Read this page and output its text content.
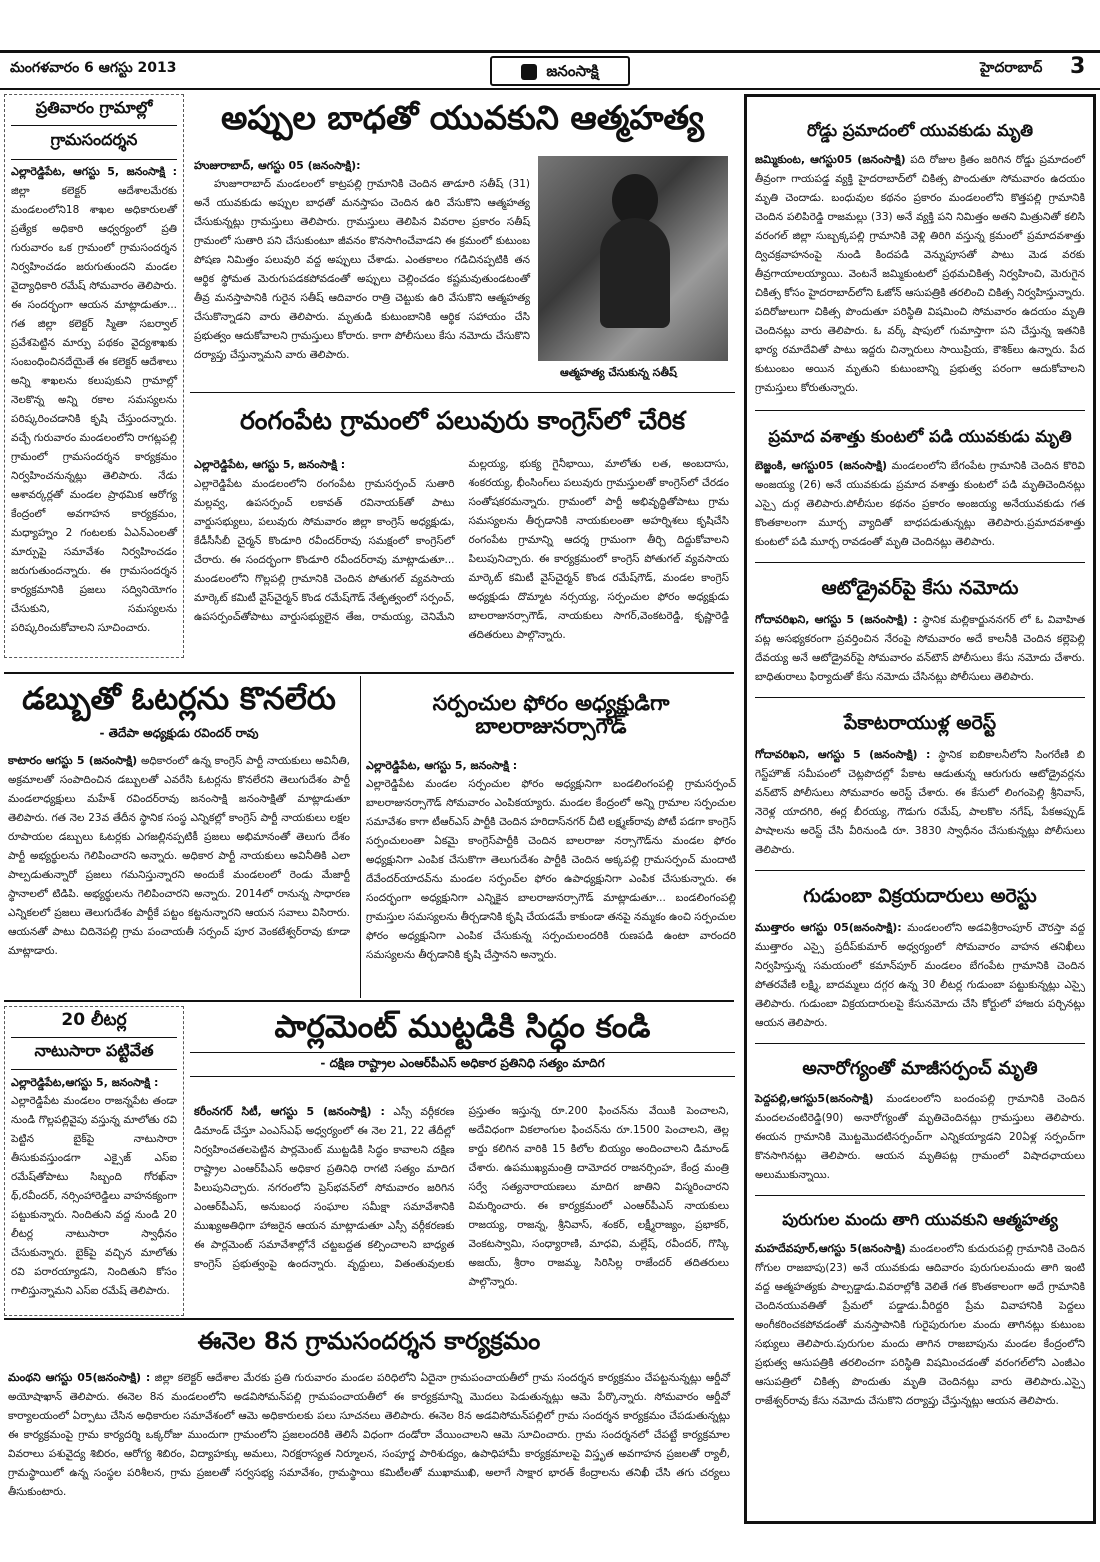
మంగళవారం 6 ఆగస్టు 2013	జనంసాక్షి	హైదరాబాద్ 3
ప్రతివారం గ్రామాల్లో
గ్రామసందర్శన
ఎల్లారెడ్డిపేట, ఆగస్టు 5, జనంసాక్షి : జిల్లా కలెక్టర్ ఆదేశాలమేరకు మండలంలోని18 శాఖల అధికారులతో ప్రత్యేక అధికారి ఆధ్వర్యంలో ప్రతి గురువారం ఒక గ్రామంలో గ్రామసందర్శన నిర్వహించడం జరుగుతుందని మండల వైద్యాధికారి రమేష్ సోమవారం తెలిపారు. ఈ సందర్భంగా ఆయన మాట్లాడుతూ... గత జిల్లా కలెక్టర్ స్మితా సబర్వాల్ ప్రవేశపెట్టిన మార్పు పథకం వైద్యశాఖకు సంబంధించినదేయైతే ఈ కలెక్టర్ ఆదేశాలు అన్ని శాఖలను కలుపుకుని గ్రామాల్లో నెలకొన్న అన్ని రకాల సమస్యలను పరిష్కరించడానికి కృషి చేస్తుందన్నారు. వచ్చే గురువారం మండలంలోని రాగట్లపల్లి గ్రామంలో గ్రామసందర్శన కార్యక్రమం నిర్వహించనున్నట్లు తెలిపారు. నేడు ఆశావర్కర్లతో మండల ప్రాథమిక ఆరోగ్య కేంద్రంలో అవగాహన కార్యక్రమం, మధ్యాహ్నం 2 గంటలకు ఏఎన్ఎంలతో మార్పుపై సమావేశం నిర్వహించడం జరుగుతుందన్నారు. ఈ గ్రామసందర్శన కార్యక్రమానికి ప్రజలు సద్వినియోగం చేసుకుని, సమస్యలను పరిష్కరించుకోవాలని సూచించారు.
అప్పుల బాధతో యువకుని ఆత్మహత్య
ఆత్మహత్య చేసుకున్న సతీష్
హుజురాబాద్, ఆగస్టు 05 (జనంసాక్షి):
హుజూరాబాద్ మండలంలో కాట్రపల్లి గ్రామానికి చెందిన తాడూరి సతీష్ (31) అనే యువకుడు అప్పుల బాధతో మనస్తాపం చెందిన ఉరి వేసుకొని ఆత్మహత్య చేసుకున్నట్లు గ్రామస్తులు తెలిపారు. గ్రామస్తులు తెలిపిన వివరాల ప్రకారం సతీష్ గ్రామంలో సుతారి పని చేసుకుంటూ జీవనం కొనసాగించేవాడని ఈ క్రమంలో కుటుంబ పోషణ నిమిత్తం పలువురి వద్ద అప్పులు చేశాడు. ఎంతకాలం గడిచినప్పటికి తన ఆర్థిక స్థోమత మెరుగుపడకపోవడంతో అప్పులు చెల్లించడం కష్టమవుతుండటంతో తీవ్ర మనస్తాపానికి గురైన సతీష్ ఆదివారం రాత్రి చెట్టుకు ఉరి వేసుకొని ఆత్మహత్య చేసుకొన్నాడని వారు తెలిపారు. మృతుడి కుటుంబానికి ఆర్థిక సహాయం చేసి ప్రభుత్వం ఆదుకోవాలని గ్రామస్తులు కోరారు. కాగా పోలీసులు కేసు నమోదు చేసుకొని దర్యాప్తు చేస్తున్నామని వారు తెలిపారు.
రంగంపేట గ్రామంలో పలువురు కాంగ్రెస్‌లో చేరిక
ఎల్లారెడ్డిపేట, ఆగస్టు 5, జనంసాక్షి :
ఎల్లారెడ్డిపేట మండలంలోని రంగంపేట గ్రామసర్పంచ్ సుతారి మల్లవ్వ, ఉపసర్పంచ్ లకావత్ రవినాయక్‌తో పాటు వార్డుసభ్యులు, పలువురు సోమవారం జిల్లా కాంగ్రెస్ అధ్యక్షుడు, కేడీసీసీబీ చైర్మన్ కొండూరి రవీందర్‌రావు సమక్షంలో కాంగ్రెస్‌లో చేరారు. ఈ సందర్భంగా కొండూరి రవీందర్‌రావు మాట్లాడుతూ... మండలంలోని గొల్లపల్లి గ్రామానికి చెందిన పోతుగల్ వ్యవసాయ మార్కెట్ కమిటీ వైస్‌చైర్మన్ కొండ రమేష్‌గౌడ్ నేతృత్వంలో సర్పంచ్, ఉపసర్పంచ్‌తోపాటు వార్డుసభ్యులైన తేజ, రామయ్య, చెనిమేని మల్లయ్య, భుక్య గైనీభాయి, మాలోతు లత, అంబదాసు, శంకరయ్య, భీంసింగ్‌లు పలువురు గ్రామస్తులతో కాంగ్రెస్‌లో చేరడం సంతోషకరమన్నారు. గ్రామంలో పార్టీ అభివృద్ధితోపాటు గ్రామ సమస్యలను తీర్చడానికి నాయకులంతా అహర్నిశలు కృషిచేసి రంగంపేట గ్రామాన్ని ఆదర్శ గ్రామంగా తీర్చి దిద్దుకోవాలని పిలుపునిచ్చారు. ఈ కార్యక్రమంలో కాంగ్రెస్ పోతుగల్ వ్యవసాయ మార్కెట్ కమిటీ వైస్‌చైర్మన్ కొండ రమేష్‌గౌడ్, మండల కాంగ్రెస్ అధ్యక్షుడు దొమ్మాట నర్సయ్య, సర్పంచుల ఫోరం అధ్యక్షుడు బాలరాజునర్సాగౌడ్, నాయకులు సాగర్,వెంకటరెడ్డి, కృష్ణారెడ్డి తదితరులు పాల్గొన్నారు.
డబ్బుతో ఓటర్లను కొనలేరు
- తెదేపా అధ్యక్షుడు రవిందర్ రావు
కాటారం ఆగస్టు 5 (జనంసాక్షి) అధికారంలో ఉన్న కాంగ్రెస్ పార్టీ నాయకులు అవినీతి, అక్రమాలతో సంపాదించిన డబ్బులతో ఎవరేసి ఓటర్లను కొనలేరని తెలుగుదేశం పార్టీ మండలాధ్యక్షులు మహేశ్ రవిందర్‌రావు జనంసాక్షి జనంసాక్షితో మాట్లాడుతూ తెలిపారు. గత నెల 23వ తేదీన స్థానిక సంస్థ ఎన్నికల్లో కాంగ్రెస్ పార్టీ నాయకులు లక్షల రూపాయల డబ్బులు ఓటర్లకు ఎగజల్లినప్పటికీ ప్రజలు అభిమానంతో తెలుగు దేశం పార్టీ అభ్యర్థులను గెలిపించారని అన్నారు. అధికార పార్టీ నాయకులు అవినీతికి ఎలా పాల్పడుతున్నారో ప్రజలు గమనిస్తున్నారని అందుకే మండలంలో రెండు మేజార్టీ స్థానాలలో టిడిపి. అభ్యర్థులను గెలిపించారని అన్నారు. 2014లో రానున్న సాధారణ ఎన్నికలలో ప్రజలు తెలుగుదేశం పార్టీకే పట్టం కట్టనున్నారని ఆయన సవాలు విసిరారు. ఆయనతో పాటు చిదినెపల్లి గ్రామ పంచాయతీ సర్పంచ్ పూర వెంకటేశ్వర్‌రావు కూడా మాట్లాడారు.
సర్పంచుల ఫోరం అధ్యక్షుడిగా బాలరాజునర్సాగౌడ్
ఎల్లారెడ్డిపేట, ఆగస్టు 5, జనంసాక్షి :
ఎల్లారెడ్డిపేట మండల సర్పంచుల ఫోరం అధ్యక్షునిగా బండలింగంపల్లి గ్రామసర్పంచ్ బాలరాజునర్సాగౌడ్ సోమవారం ఎంపికయ్యారు. మండల కేంద్రంలో అన్ని గ్రామాల సర్పంచుల సమావేశం కాగా టీఆర్‌ఎస్ పార్టీకి చెందిన హరిదాస్‌నగర్ చీటి లక్ష్మణ్‌రావు పోటీ పడగా కాంగ్రెస్ సర్పంచులంతా ఏకమై కాంగ్రెస్‌పార్టీకి చెందిన బాలరాజు నర్సాగౌడ్‌ను మండల ఫోరం అధ్యక్షునిగా ఎంపిక చేసుకొగా తెలుగుదేశం పార్టీకి చెందిన అక్కపల్లి గ్రామసర్పంచ్ మందాటి దేవేందర్‌యాదవ్‌ను మండల సర్పంచ్‌ల ఫోరం ఉపాధ్యక్షునిగా ఎంపిక చేసుకున్నారు. ఈ సందర్భంగా అధ్యక్షునిగా ఎన్నికైన బాలరాజునర్సాగౌడ్ మాట్లాడుతూ... బండలింగంపల్లి గ్రామస్తుల సమస్యలను తీర్చడానికి కృషి చేయడమే కాకుండా తనపై నమ్మకం ఉంచి సర్పంచుల ఫోరం అధ్యక్షునిగా ఎంపిక చేసుకున్న సర్పంచులందరికి రుణపడి ఉంటా వారందరి సమస్యలను తీర్చడానికి కృషి చేస్తానని అన్నారు.
20 లీటర్ల
నాటుసారా పట్టివేత
ఎల్లారెడ్డిపేట,ఆగస్టు 5, జనంసాక్షి :
ఎల్లారెడ్డిపేట మండలం రాజన్నపేట తండా నుండి గొల్లపల్లివైపు వస్తున్న మాలోతు రవి పెట్టిన బైక్‌పై నాటుసారా తీసుకువస్తుండగా ఎక్సైజ్ ఎస్‌ఐ రమేష్‌తోపాటు సిబ్బంది గోరఖ్‌నా థ్,రవీందర్, నర్సింహారెడ్డిలు వాహనక్యంగా పట్టుకున్నారు. నిందితుని వద్ద నుండి 20 లీటర్ల నాటుసారా స్వాధీనం చేసుకున్నారు. బైక్‌పై వచ్చిన మాలోతు రవి పరారయ్యాడని, నిందితుని కోసం గాలిస్తున్నామని ఎస్‌ఐ రమేష్ తెలిపారు.
పార్లమెంట్ ముట్టడికి సిద్ధం కండి
- దక్షిణ రాష్ట్రాల ఎంఆర్‌పీఎస్ అధికార ప్రతినిధి సత్యం మాదిగ
కరీంనగర్ సిటీ, ఆగస్టు 5 (జనంసాక్షి) : ఎస్సీ వర్గీకరణ డిమాండ్ చేస్తూ ఎంఎస్‌ఎఫ్ అధ్వర్యంలో ఈ నెల 21, 22 తేదీల్లో నిర్వహించతలపెట్టిన పార్లమెంట్ ముట్టడికి సిద్ధం కావాలని దక్షిణ రాష్ట్రాల ఎంఆర్‌పీఎస్ అధికార ప్రతినిధి రాగటి సత్యం మాదిగ పిలుపునిచ్చారు. నగరంలోని ప్రెస్‌భవన్‌లో సోమవారం జరిగిన ఎంఆర్‌పీఎస్, అనుబంధ సంఘాల సమీక్షా సమావేశానికి ముఖ్యఅతిధిగా హాజరైన ఆయన మాట్లాడుతూ ఎస్సీ వర్గీకరణకు ఈ పార్లమెంట్ సమావేశాల్లోనే చట్టబద్దత కల్పించాలని బాధ్యత కాంగ్రెస్ ప్రభుత్వంపై ఉందన్నారు. వృద్దులు, వితంతువులకు ప్రస్తుతం ఇస్తున్న రూ.200 ఫించన్‌ను వేయికి పెంచాలని, అదేవిధంగా వికలాంగుల ఫించన్‌ను రూ.1500 పెంచాలని, తెల్ల కార్డు కలిగిన వారికి 15 కిలోల బియ్యం అందించాలని డిమాండ్ చేశారు. ఉపముఖ్యమంత్రి దామోదర రాజనర్సింహ, కేంద్ర మంత్రి సర్వే సత్యనారాయణలు మాదిగ జాతిని విస్మరించారని విమర్శించారు. ఈ కార్యక్రమంలో ఎంఆర్‌పీఎస్ నాయకులు రాజయ్య, రాజన్న, శ్రీనివాస్, శంకర్, లక్ష్మీరాజ్యం, ప్రభాకర్, వెంకటస్వామి, సంధ్యారాణి, మాధవి, మల్లేష్, రవీందర్, గొస్కి అజయ్, శ్రీరాం రాజమ్మ, సిరిసిల్ల రాజేందర్ తదితరులు పాల్గొన్నారు.
ఈనెల 8న గ్రామసందర్శన కార్యక్రమం
మంథని ఆగస్టు 05(జనంసాక్షి) : జిల్లా కలెక్టర్ ఆదేశాల మేరకు ప్రతి గురువారం మండల పరిధిలోని ఏదైనా గ్రామపంచాయతీలో గ్రామ సందర్శన కార్యక్రమం చేపట్టనున్నట్లు ఆర్డీవో అయోషాఖాన్ తెలిపారు. ఈనెల 8న మండలంలోని అడవిసోమన్‌పల్లి గ్రామపంచాయతీలో ఈ కార్యక్రమాన్ని మొదలు పెడుతున్నట్లు ఆమె పేర్కొన్నారు. సోమవారం ఆర్డీవో కార్యాలయంలో ఏర్పాటు చేసిన అధికారుల సమావేశంలో ఆమె అధికారులకు పలు సూచనలు తెలిపారు. ఈనెల 8న అడవిసోమన్‌పల్లిలో గ్రామ సందర్శన కార్యక్రమం చేపడుతున్నట్లు ఈ కార్యక్రమంపై గ్రామ కార్యదర్శి ఒక్కరోజు ముందుగా గ్రామంలోని ప్రజలందరికి తెలిసే విధంగా దండోరా వేయించాలని ఆమె సూచించారు. గ్రామ సందర్శనలో చేపట్టే కార్యక్రమాల వివరాలు పశువైద్య శిబిరం, ఆరోగ్య శిబిరం, విద్యాహక్కు అమలు, నిరక్షరాస్యత నిర్మూలన, సంపూర్ణ పారిశుద్యం, ఉపాధిహామీ కార్యక్రమాలపై విస్తృత అవగాహన ప్రజలతో ర్యాలీ, గ్రామస్థాయిలో ఉన్న సంస్థల పరిశీలన, గ్రామ ప్రజలతో సర్వసభ్య సమావేశం, గ్రామస్థాయి కమిటీలతో ముఖాముఖి, అలాగే సాక్షార భారత్ కేంద్రాలను తనిఖీ చేసి తగు చర్యలు తీసుకుంటారు.
రోడ్డు ప్రమాదంలో యువకుడు మృతి
జమ్మికుంట, ఆగస్టు05 (జనంసాక్షి) పది రోజుల క్రితం జరిగిన రోడ్డు ప్రమాదంలో తీవ్రంగా గాయపడ్డ వ్యక్తి హైదరాబాద్‌లో చికిత్స పొందుతూ సోమవారం ఉదయం మృతి చెందాడు. బంధువుల కథనం ప్రకారం మండలంలోని కొత్తపల్లి గ్రామానికి చెందిన పలిపిరెడ్డి రాజమల్లు (33) అనే వ్యక్తి పని నిమిత్తం అతని మిత్రునితో కలిసి వరంగల్ జిల్లా సుబ్బక్కపల్లి గ్రామానికి వెళ్లి తిరిగి వస్తున్న క్రమంలో ప్రమాదవశాత్తు ద్విచక్రవాహనంపై నుండి కిందపడి వెన్నుపూసతో పాటు మెడ వరకు తీవ్రగాయాలయ్యాయి. వెంటనే జమ్మికుంటలో ప్రథమచికిత్స నిర్వహించి, మెరుగైన చికిత్స కోసం హైదరాబాద్‌లోని ఓజోన్ ఆసుపత్రికి తరలించి చికిత్స నిర్వహిస్తున్నారు. పదిరోజులుగా చికిత్స పొందుతూ పరిస్థితి విషమించి సోమవారం ఉదయం మృతి చెందినట్లు వారు తెలిపారు. ఓ వర్క్ షాపులో గుమాస్తాగా పని చేస్తున్న ఇతనికి భార్య రమాదేవితో పాటు ఇద్దరు చిన్నారులు సాయిప్రియ, కౌశిక్‌లు ఉన్నారు. పేద కుటుంబం అయిన మృతుని కుటుంబాన్ని ప్రభుత్వ పరంగా ఆదుకోవాలని గ్రామస్తులు కోరుతున్నారు.
ప్రమాద వశాత్తు కుంటలో పడి యువకుడు మృతి
బెజ్జంకి, ఆగస్టు05 (జనంసాక్షి) మండలంలోని బేగంపేట గ్రామానికి చెందిన కొరివి అంజయ్య (26) అనే యువకుడు ప్రమాద వశాత్తు కుంటలో పడి మృతిచెందినట్లు ఎస్సై దుర్గ తెలిపారు.పోలీసుల కథనం ప్రకారం అంజయ్య అనేయువకుడు గత కొంతకాలంగా మూర్చ వ్యాదితో బాధపడుతున్నట్లు తెలిపారు.ప్రమాదవశాత్తు కుంటలో పడి మూర్చ రావడంతో మృతి చెందినట్లు తెలిపారు.
ఆటోడ్రైవర్‌పై కేసు నమోదు
గోదావరిఖని, ఆగస్టు 5 (జనంసాక్షి) : స్థానిక మల్లికార్జుననగర్ లో ఓ వివాహిత పట్ల అసభ్యకరంగా ప్రవర్తించిన నేరంపై సోమవారం అదే కాలనీకి చెందిన కల్లెపెల్లి దేవయ్య అనే ఆటోడ్రైవర్‌పై సోమవారం వన్‌టౌన్ పోలీసులు కేసు నమోదు చేశారు. బాధితురాలు ఫిర్యాదుతో కేసు నమోదు చేసినట్లు పోలీసులు తెలిపారు.
పేకాటరాయుళ్ల అరెస్ట్
గోదావరిఖని, ఆగస్టు 5 (జనంసాక్షి) : స్థానిక ఐబికాలనీలోని సింగరేణి బి గెస్ట్‌హౌజ్ సమీపంలో చెట్లపొదల్లో పేకాట ఆడుతున్న ఆరుగురు ఆటోడ్రైవర్లను వన్‌టౌన్ పోలీసులు సోమవారం అరెస్ట్ చేశారు. ఈ కేసులో లింగంపెల్లి శ్రీనివాస్, నెరెళ్ల యాదగిరి, ఈర్ల బీరయ్య, గౌడుగు రమేష్, పాలకొల నగేష్, పేకఅప్పుడ్ పాషాలను అరెస్ట్ చేసి వీరినుండి రూ. 3830 స్వాధీనం చేసుకున్నట్లు పోలీసులు తెలిపారు.
గుడుంబా విక్రయదారులు అరెస్టు
ముత్తారం ఆగస్టు 05(జనంసాక్షి): మండలంలోని అడవిశ్రీరాంపూర్ చౌరస్తా వద్ద ముత్తారం ఎస్సై ప్రదీప్‌కుమార్ అధ్వర్యంలో సోమవారం వాహన తనిఖీలు నిర్వహిస్తున్న సమయంలో కమాన్‌పూర్ మండలం బేగంపేట గ్రామానికి చెందిన పోతరవేణి లక్ష్మి, బాదమ్మలు దగ్గర ఉన్న 30 లీటర్ల గుడుంబా పట్టుకున్నట్లు ఎస్సై తెలిపారు. గుడుంబా విక్రయదారులపై కేసునమోదు చేసి కోర్టులో హాజరు పర్చినట్లు ఆయన తెలిపారు.
అనారోగ్యంతో మాజీసర్పంచ్ మృతి
పెద్దపల్లి,ఆగస్టు5(జనంసాక్షి) మండలంలోని బందంపల్లి గ్రామానికి చెందిన మందలచంటిరెడ్డి(90) అనారోగ్యంతో మృతిచెందినట్లు గ్రామస్తులు తెలిపారు. ఈయన గ్రామానికి మొట్టమొదటిసర్పంచ్‌గా ఎన్నికయ్యాడని 20ఏళ్ల సర్పంచ్‌గా కొనసాగినట్లు తెలిపారు. ఆయన మృతిపట్ల గ్రామంలో విషాదఛాయలు అలుముకున్నాయి.
పురుగుల మందు తాగి యువకుని ఆత్మహత్య
మహదేవపూర్,ఆగస్టు 5(జనంసాక్షి) మండలంలోని కుదురుపల్లి గ్రామానికి చెందిన గోగుల రాజబాపు(23) అనే యువకుడు ఆదివారం పురుగులమందు తాగి ఇంటి వద్ద ఆత్మహత్యకు పాల్పడ్డాడు.వివరాల్లోకి వెలితే గత కొంతకాలంగా అదే గ్రామానికి చెందినయువతితో ప్రేమలో పడ్డాడు.వీరిద్దరి ప్రేమ వివాహానికి పెద్దలు అంగీకరించకపోవడంతో మనస్తాపానికి గురైపురుగుల మందు తాగినట్లు కుటుంబ సభ్యులు తెలిపారు.పురుగుల మందు తాగిన రాజబాపును మండల కేంద్రంలోని ప్రభుత్వ ఆసుపత్రికి తరలించగా పరిస్థితి విషమించడంతో వరంగల్‌లోని ఎంజీఎం ఆసుపత్రిలో చికిత్స పొందుతు మృతి చెందినట్లు వారు తెలిపారు.ఎస్సై రాజేశ్వర్‌రావు కేసు నమోదు చేసుకొని దర్యాప్తు చేస్తున్నట్లు ఆయన తెలిపారు.
